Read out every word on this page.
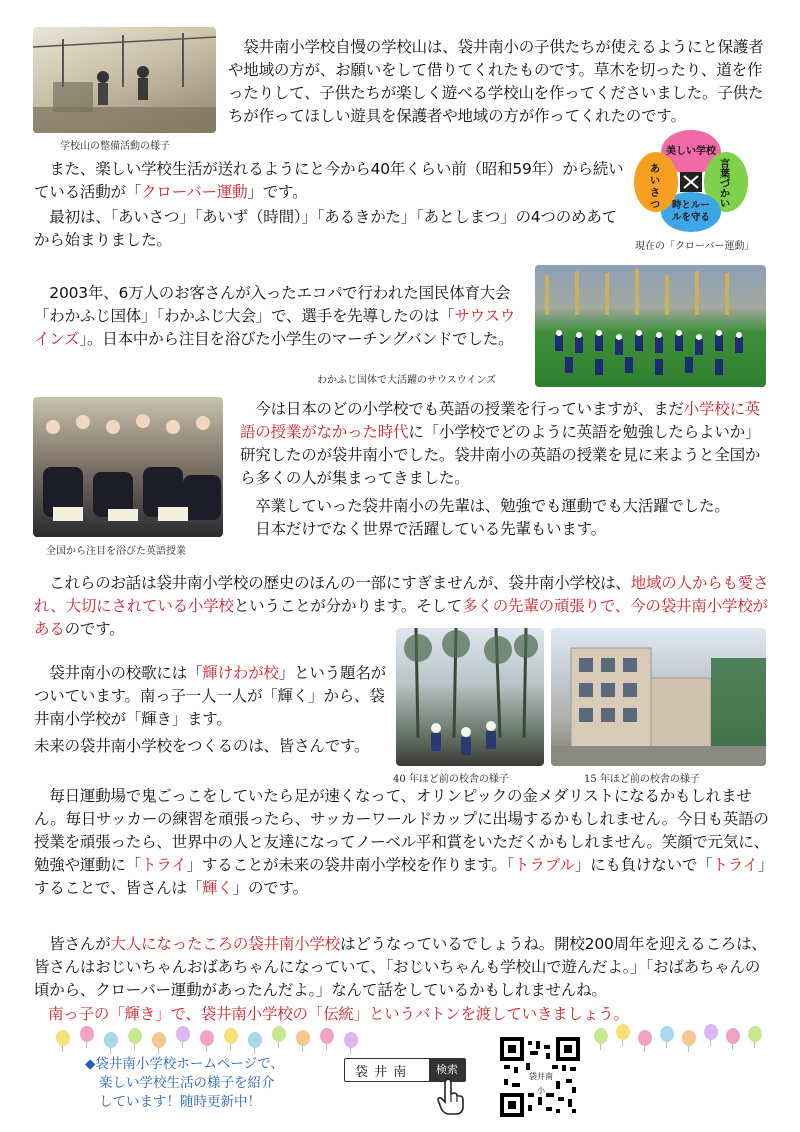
学校山の整備活動の様子
　袋井南小学校自慢の学校山は、袋井南小の子供たちが使えるようにと保護者や地域の方が、お願いをして借りてくれたものです。草木を切ったり、道を作ったりして、子供たちが楽しく遊べる学校山を作ってくださいました。子供たちが作ってほしい遊具を保護者や地域の方が作ってくれたのです。
　また、楽しい学校生活が送れるようにと今から40年くらい前（昭和59年）から続いている活動が「クローバー運動」です。
　最初は、「あいさつ」「あいず（時間）」「あるきかた」「あとしまつ」の4つのめあてから始まりました。
美しい学校
言葉づかい
時とルールを守る
あいさつ
現在の「クローバー運動」
　2003年、6万人のお客さんが入ったエコパで行われた国民体育大会「わかふじ国体」「わかふじ大会」で、選手を先導したのは「サウスウインズ」。日本中から注目を浴びた小学生のマーチングバンドでした。
わかふじ国体で大活躍のサウスウインズ
全国から注目を浴びた英語授業
　今は日本のどの小学校でも英語の授業を行っていますが、まだ小学校に英語の授業がなかった時代に「小学校でどのように英語を勉強したらよいか」研究したのが袋井南小でした。袋井南小の英語の授業を見に来ようと全国から多くの人が集まってきました。
　卒業していった袋井南小の先輩は、勉強でも運動でも大活躍でした。
　日本だけでなく世界で活躍している先輩もいます。
　これらのお話は袋井南小学校の歴史のほんの一部にすぎませんが、袋井南小学校は、地域の人からも愛され、大切にされている小学校ということが分かります。そして多くの先輩の頑張りで、今の袋井南小学校があるのです。
　袋井南小の校歌には「輝けわが校」という題名がついています。南っ子一人一人が「輝く」から、袋井南小学校が「輝き」ます。
未来の袋井南小学校をつくるのは、皆さんです。
40 年ほど前の校舎の様子	15 年ほど前の校舎の様子
　毎日運動場で鬼ごっこをしていたら足が速くなって、オリンピックの金メダリストになるかもしれません。毎日サッカーの練習を頑張ったら、サッカーワールドカップに出場するかもしれません。今日も英語の授業を頑張ったら、世界中の人と友達になってノーベル平和賞をいただくかもしれません。笑顔で元気に、勉強や運動に「トライ」することが未来の袋井南小学校を作ります。「トラブル」にも負けないで「トライ」することで、皆さんは「輝く」のです。
　皆さんが大人になったころの袋井南小学校はどうなっているでしょうね。開校200周年を迎えるころは、皆さんはおじいちゃんおばあちゃんになっていて、「おじいちゃんも学校山で遊んだよ。」「おばあちゃんの頃から、クローバー運動があったんだよ。」なんて話をしているかもしれませんね。
南っ子の「輝き」で、袋井南小学校の「伝統」というバトンを渡していきましょう。
◆袋井南小学校ホームページで、
楽しい学校生活の様子を紹介
しています！随時更新中！
袋 井 南	検索
袋井南小
